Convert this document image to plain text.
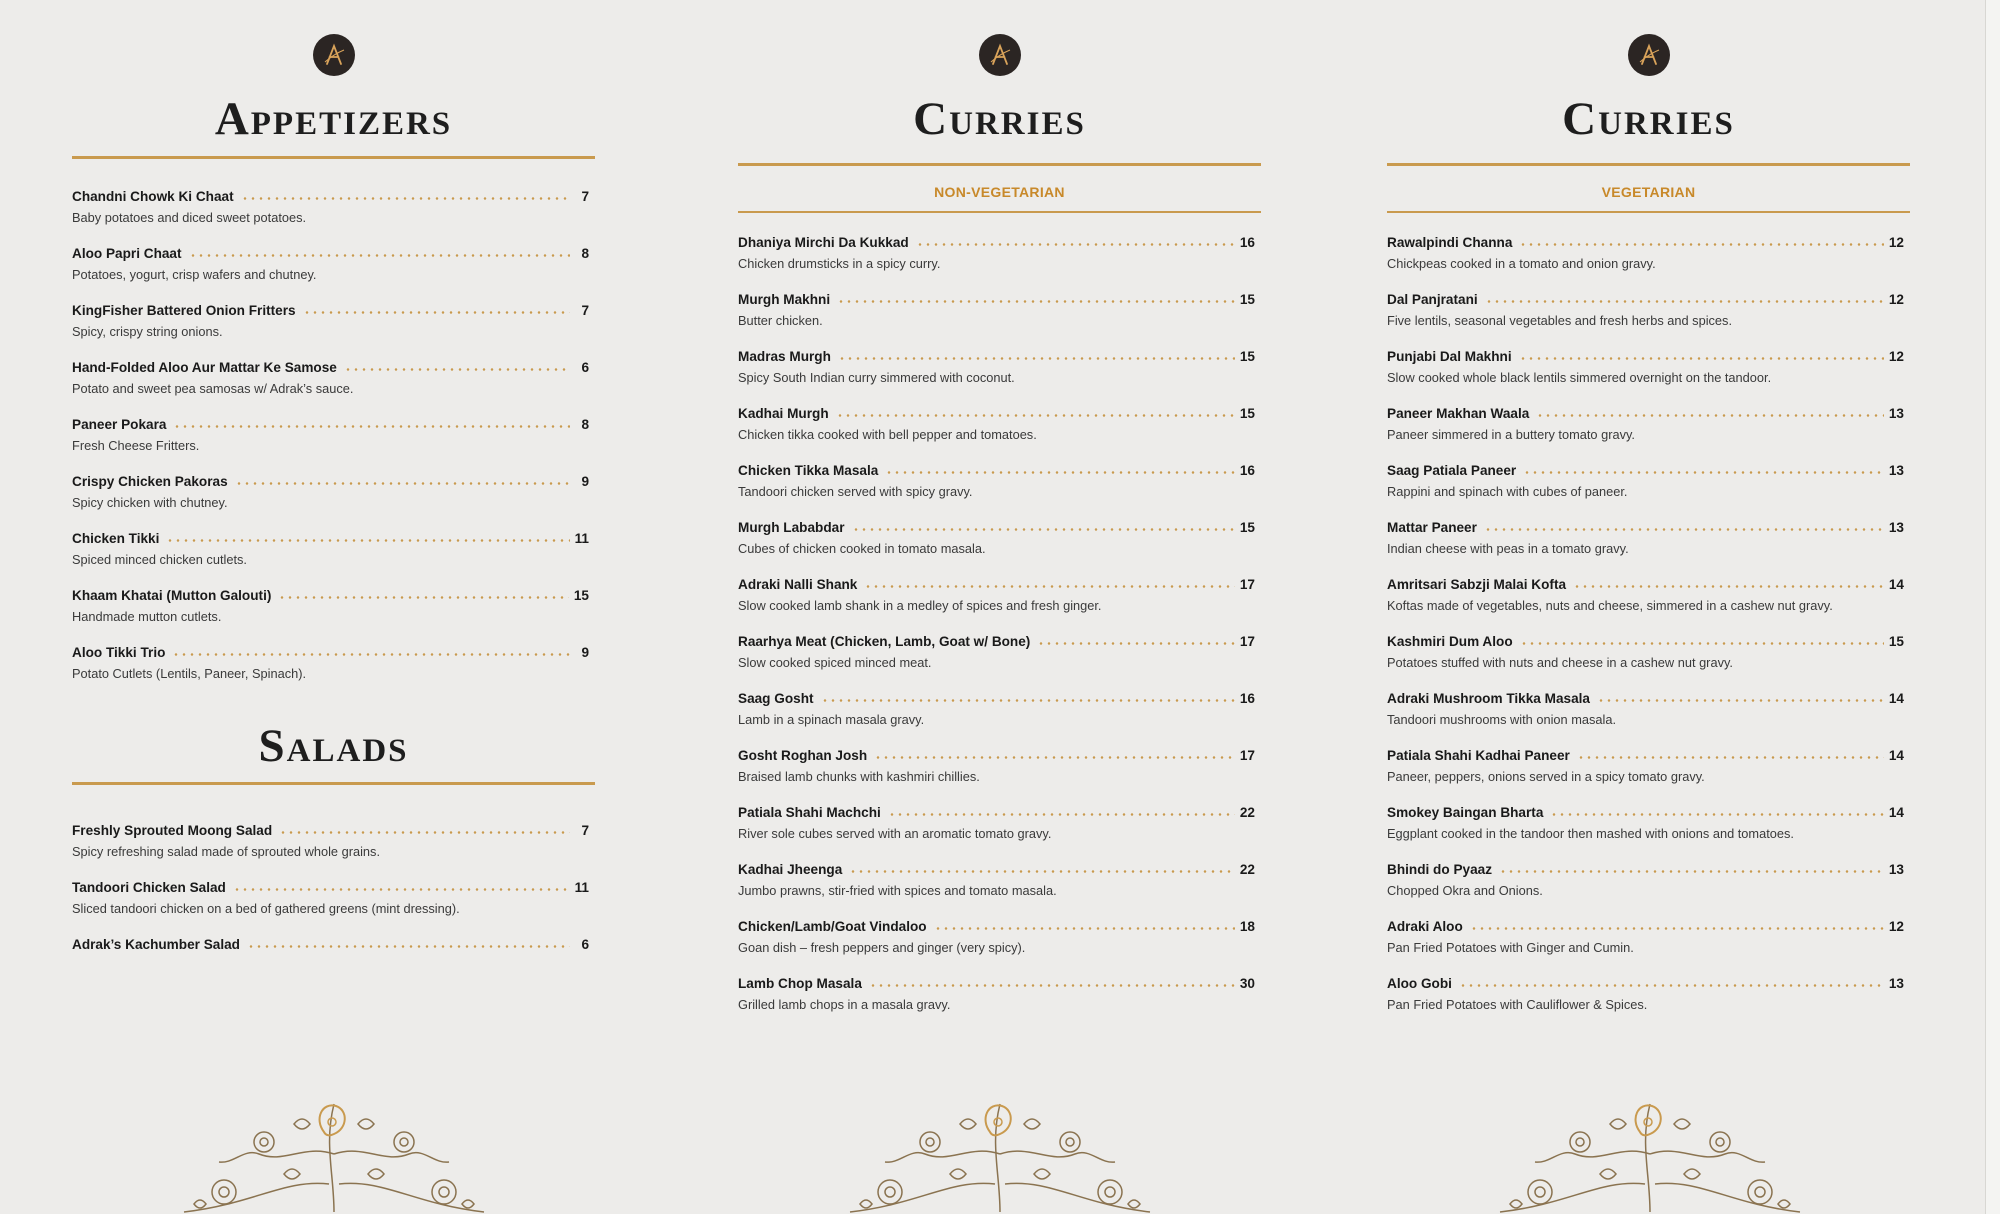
Appetizers
Chandni Chowk Ki Chaat	7
Baby potatoes and diced sweet potatoes.
Aloo Papri Chaat	8
Potatoes, yogurt, crisp wafers and chutney.
KingFisher Battered Onion Fritters	7
Spicy, crispy string onions.
Hand-Folded Aloo Aur Mattar Ke Samose	6
Potato and sweet pea samosas w/ Adrak’s sauce.
Paneer Pokara	8
Fresh Cheese Fritters.
Crispy Chicken Pakoras	9
Spicy chicken with chutney.
Chicken Tikki	11
Spiced minced chicken cutlets.
Khaam Khatai (Mutton Galouti)	15
Handmade mutton cutlets.
Aloo Tikki Trio	9
Potato Cutlets (Lentils, Paneer, Spinach).
Salads
Freshly Sprouted Moong Salad	7
Spicy refreshing salad made of sprouted whole grains.
Tandoori Chicken Salad	11
Sliced tandoori chicken on a bed of gathered greens (mint dressing).
Adrak’s Kachumber Salad	6
Curries
NON-VEGETARIAN
Dhaniya Mirchi Da Kukkad	16
Chicken drumsticks in a spicy curry.
Murgh Makhni	15
Butter chicken.
Madras Murgh	15
Spicy South Indian curry simmered with coconut.
Kadhai Murgh	15
Chicken tikka cooked with bell pepper and tomatoes.
Chicken Tikka Masala	16
Tandoori chicken served with spicy gravy.
Murgh Lababdar	15
Cubes of chicken cooked in tomato masala.
Adraki Nalli Shank	17
Slow cooked lamb shank in a medley of spices and fresh ginger.
Raarhya Meat (Chicken, Lamb, Goat w/ Bone)	17
Slow cooked spiced minced meat.
Saag Gosht	16
Lamb in a spinach masala gravy.
Gosht Roghan Josh	17
Braised lamb chunks with kashmiri chillies.
Patiala Shahi Machchi	22
River sole cubes served with an aromatic tomato gravy.
Kadhai Jheenga	22
Jumbo prawns, stir-fried with spices and tomato masala.
Chicken/Lamb/Goat Vindaloo	18
Goan dish – fresh peppers and ginger (very spicy).
Lamb Chop Masala	30
Grilled lamb chops in a masala gravy.
Curries
VEGETARIAN
Rawalpindi Channa	12
Chickpeas cooked in a tomato and onion gravy.
Dal Panjratani	12
Five lentils, seasonal vegetables and fresh herbs and spices.
Punjabi Dal Makhni	12
Slow cooked whole black lentils simmered overnight on the tandoor.
Paneer Makhan Waala	13
Paneer simmered in a buttery tomato gravy.
Saag Patiala Paneer	13
Rappini and spinach with cubes of paneer.
Mattar Paneer	13
Indian cheese with peas in a tomato gravy.
Amritsari Sabzji Malai Kofta	14
Koftas made of vegetables, nuts and cheese, simmered in a cashew nut gravy.
Kashmiri Dum Aloo	15
Potatoes stuffed with nuts and cheese in a cashew nut gravy.
Adraki Mushroom Tikka Masala	14
Tandoori mushrooms with onion masala.
Patiala Shahi Kadhai Paneer	14
Paneer, peppers, onions served in a spicy tomato gravy.
Smokey Baingan Bharta	14
Eggplant cooked in the tandoor then mashed with onions and tomatoes.
Bhindi do Pyaaz	13
Chopped Okra and Onions.
Adraki Aloo	12
Pan Fried Potatoes with Ginger and Cumin.
Aloo Gobi	13
Pan Fried Potatoes with Cauliflower & Spices.
